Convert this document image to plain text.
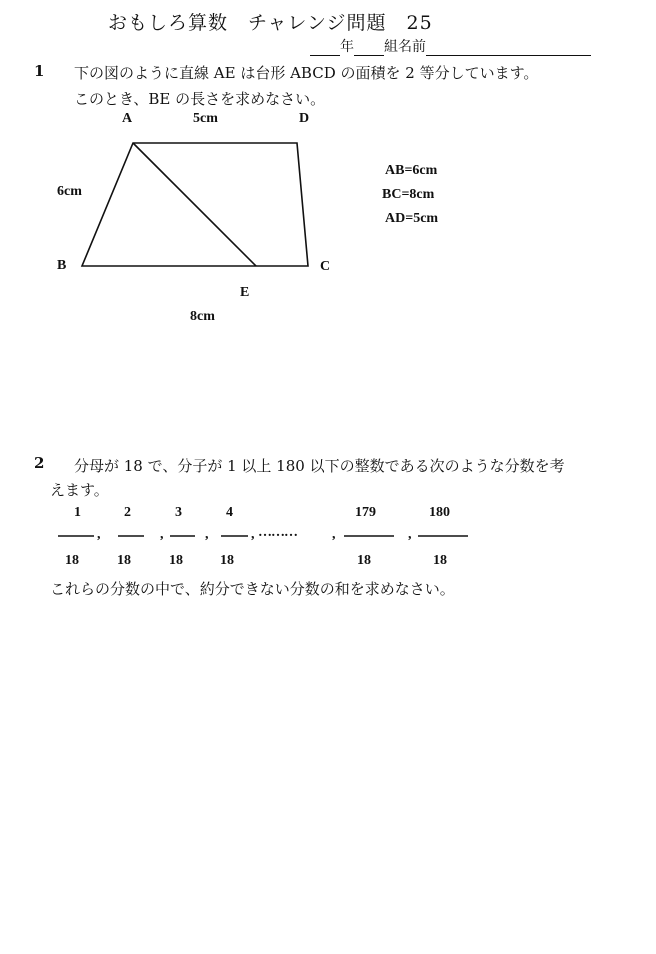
おもしろ算数　チャレンジ問題　25
年 組名前
1 下の図のように直線 AE は台形 ABCD の面積を 2 等分しています。
このとき、BE の長さを求めなさい。
A	5cm	D
6cm
B	C
E
8cm
AB=6cm
BC=8cm
AD=5cm
2 分母が 18 で、分子が 1 以上 180 以下の整数である次のような分数を考
えます。
1
18
2
18
3
18
4
18
179
18
180
18
,	,	,	, ………	,	,
これらの分数の中で、約分できない分数の和を求めなさい。
